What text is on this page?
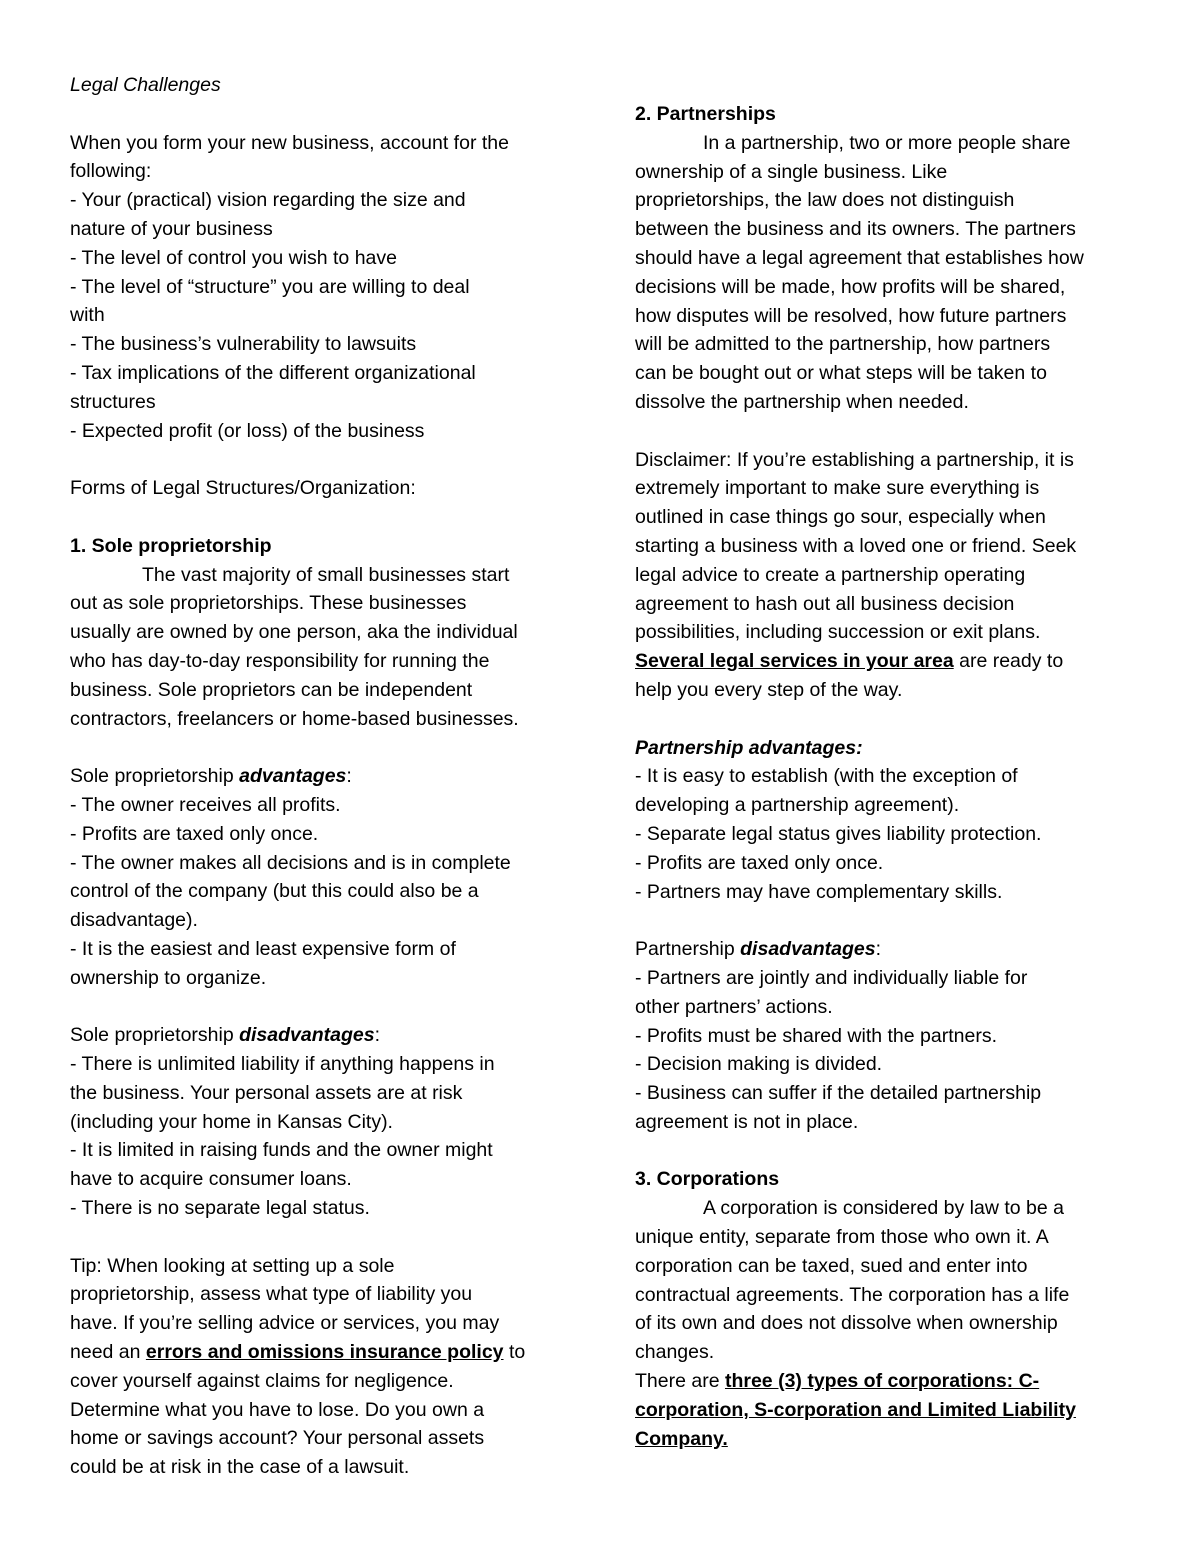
Legal Challenges
When you form your new business, account for the
following:
- Your (practical) vision regarding the size and
nature of your business
- The level of control you wish to have
- The level of “structure” you are willing to deal
with
- The business’s vulnerability to lawsuits
- Tax implications of the different organizational
structures
- Expected profit (or loss) of the business
Forms of Legal Structures/Organization:
1. Sole proprietorship
The vast majority of small businesses start
out as sole proprietorships. These businesses
usually are owned by one person, aka the individual
who has day-to-day responsibility for running the
business. Sole proprietors can be independent
contractors, freelancers or home-based businesses.
Sole proprietorship advantages:
- The owner receives all profits.
- Profits are taxed only once.
- The owner makes all decisions and is in complete
control of the company (but this could also be a
disadvantage).
- It is the easiest and least expensive form of
ownership to organize.
Sole proprietorship disadvantages:
- There is unlimited liability if anything happens in
the business. Your personal assets are at risk
(including your home in Kansas City).
- It is limited in raising funds and the owner might
have to acquire consumer loans.
- There is no separate legal status.
Tip: When looking at setting up a sole
proprietorship, assess what type of liability you
have. If you’re selling advice or services, you may
need an errors and omissions insurance policy to
cover yourself against claims for negligence.
Determine what you have to lose. Do you own a
home or savings account? Your personal assets
could be at risk in the case of a lawsuit.
2. Partnerships
In a partnership, two or more people share
ownership of a single business. Like
proprietorships, the law does not distinguish
between the business and its owners. The partners
should have a legal agreement that establishes how
decisions will be made, how profits will be shared,
how disputes will be resolved, how future partners
will be admitted to the partnership, how partners
can be bought out or what steps will be taken to
dissolve the partnership when needed.
Disclaimer: If you’re establishing a partnership, it is
extremely important to make sure everything is
outlined in case things go sour, especially when
starting a business with a loved one or friend. Seek
legal advice to create a partnership operating
agreement to hash out all business decision
possibilities, including succession or exit plans.
Several legal services in your area are ready to
help you every step of the way.
Partnership advantages:
- It is easy to establish (with the exception of
developing a partnership agreement).
- Separate legal status gives liability protection.
- Profits are taxed only once.
- Partners may have complementary skills.
Partnership disadvantages:
- Partners are jointly and individually liable for
other partners’ actions.
- Profits must be shared with the partners.
- Decision making is divided.
- Business can suffer if the detailed partnership
agreement is not in place.
3. Corporations
A corporation is considered by law to be a
unique entity, separate from those who own it. A
corporation can be taxed, sued and enter into
contractual agreements. The corporation has a life
of its own and does not dissolve when ownership
changes.
There are three (3) types of corporations: C-
corporation, S-corporation and Limited Liability
Company.
